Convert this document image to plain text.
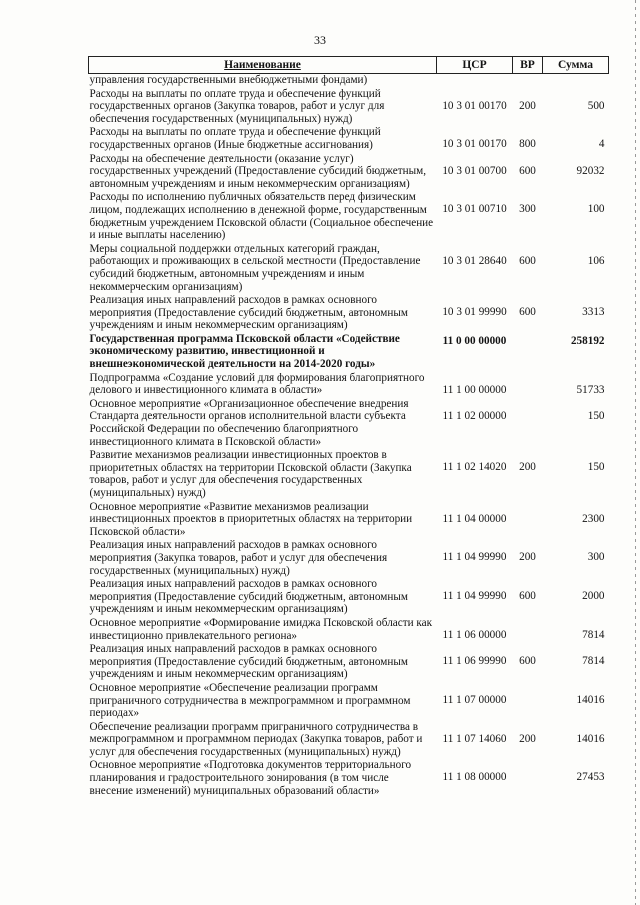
33
Наименование	ЦСР	ВР	Сумма
управления государственными внебюджетными фондами)			
Расходы на выплаты по оплате труда и обеспечение функций государственных органов (Закупка товаров, работ и услуг для обеспечения государственных (муниципальных) нужд)	10 3 01 00170	200	500
Расходы на выплаты по оплате труда и обеспечение функций государственных органов (Иные бюджетные ассигнования)	10 3 01 00170	800	4
Расходы на обеспечение деятельности (оказание услуг) государственных учреждений (Предоставление субсидий бюджетным, автономным учреждениям и иным некоммерческим организациям)	10 3 01 00700	600	92032
Расходы по исполнению публичных обязательств перед физическим лицом, подлежащих исполнению в денежной форме, государственным бюджетным учреждением Псковской области (Социальное обеспечение и иные выплаты населению)	10 3 01 00710	300	100
Меры социальной поддержки отдельных категорий граждан, работающих и проживающих в сельской местности (Предоставление субсидий бюджетным, автономным учреждениям и иным некоммерческим организациям)	10 3 01 28640	600	106
Реализация иных направлений расходов в рамках основного мероприятия (Предоставление субсидий бюджетным, автономным учреждениям и иным некоммерческим организациям)	10 3 01 99990	600	3313
Государственная программа Псковской области «Содействие экономическому развитию, инвестиционной и внешнеэкономической деятельности на 2014-2020 годы»	11 0 00 00000		258192
Подпрограмма «Создание условий для формирования благоприятного делового и инвестиционного климата в области»	11 1 00 00000		51733
Основное мероприятие «Организационное обеспечение внедрения Стандарта деятельности органов исполнительной власти субъекта Российской Федерации по обеспечению благоприятного инвестиционного климата в Псковской области»	11 1 02 00000		150
Развитие механизмов реализации инвестиционных проектов в приоритетных областях на территории Псковской области (Закупка товаров, работ и услуг для обеспечения государственных (муниципальных) нужд)	11 1 02 14020	200	150
Основное мероприятие «Развитие механизмов реализации инвестиционных проектов в приоритетных областях на территории Псковской области»	11 1 04 00000		2300
Реализация иных направлений расходов в рамках основного мероприятия (Закупка товаров, работ и услуг для обеспечения государственных (муниципальных) нужд)	11 1 04 99990	200	300
Реализация иных направлений расходов в рамках основного мероприятия (Предоставление субсидий бюджетным, автономным учреждениям и иным некоммерческим организациям)	11 1 04 99990	600	2000
Основное мероприятие «Формирование имиджа Псковской области как инвестиционно привлекательного региона»	11 1 06 00000		7814
Реализация иных направлений расходов в рамках основного мероприятия (Предоставление субсидий бюджетным, автономным учреждениям и иным некоммерческим организациям)	11 1 06 99990	600	7814
Основное мероприятие «Обеспечение реализации программ приграничного сотрудничества в межпрограммном и программном периодах»	11 1 07 00000		14016
Обеспечение реализации программ приграничного сотрудничества в межпрограммном и программном периодах (Закупка товаров, работ и услуг для обеспечения государственных (муниципальных) нужд)	11 1 07 14060	200	14016
Основное мероприятие «Подготовка документов территориального планирования и градостроительного зонирования (в том числе внесение изменений) муниципальных образований области»	11 1 08 00000		27453
